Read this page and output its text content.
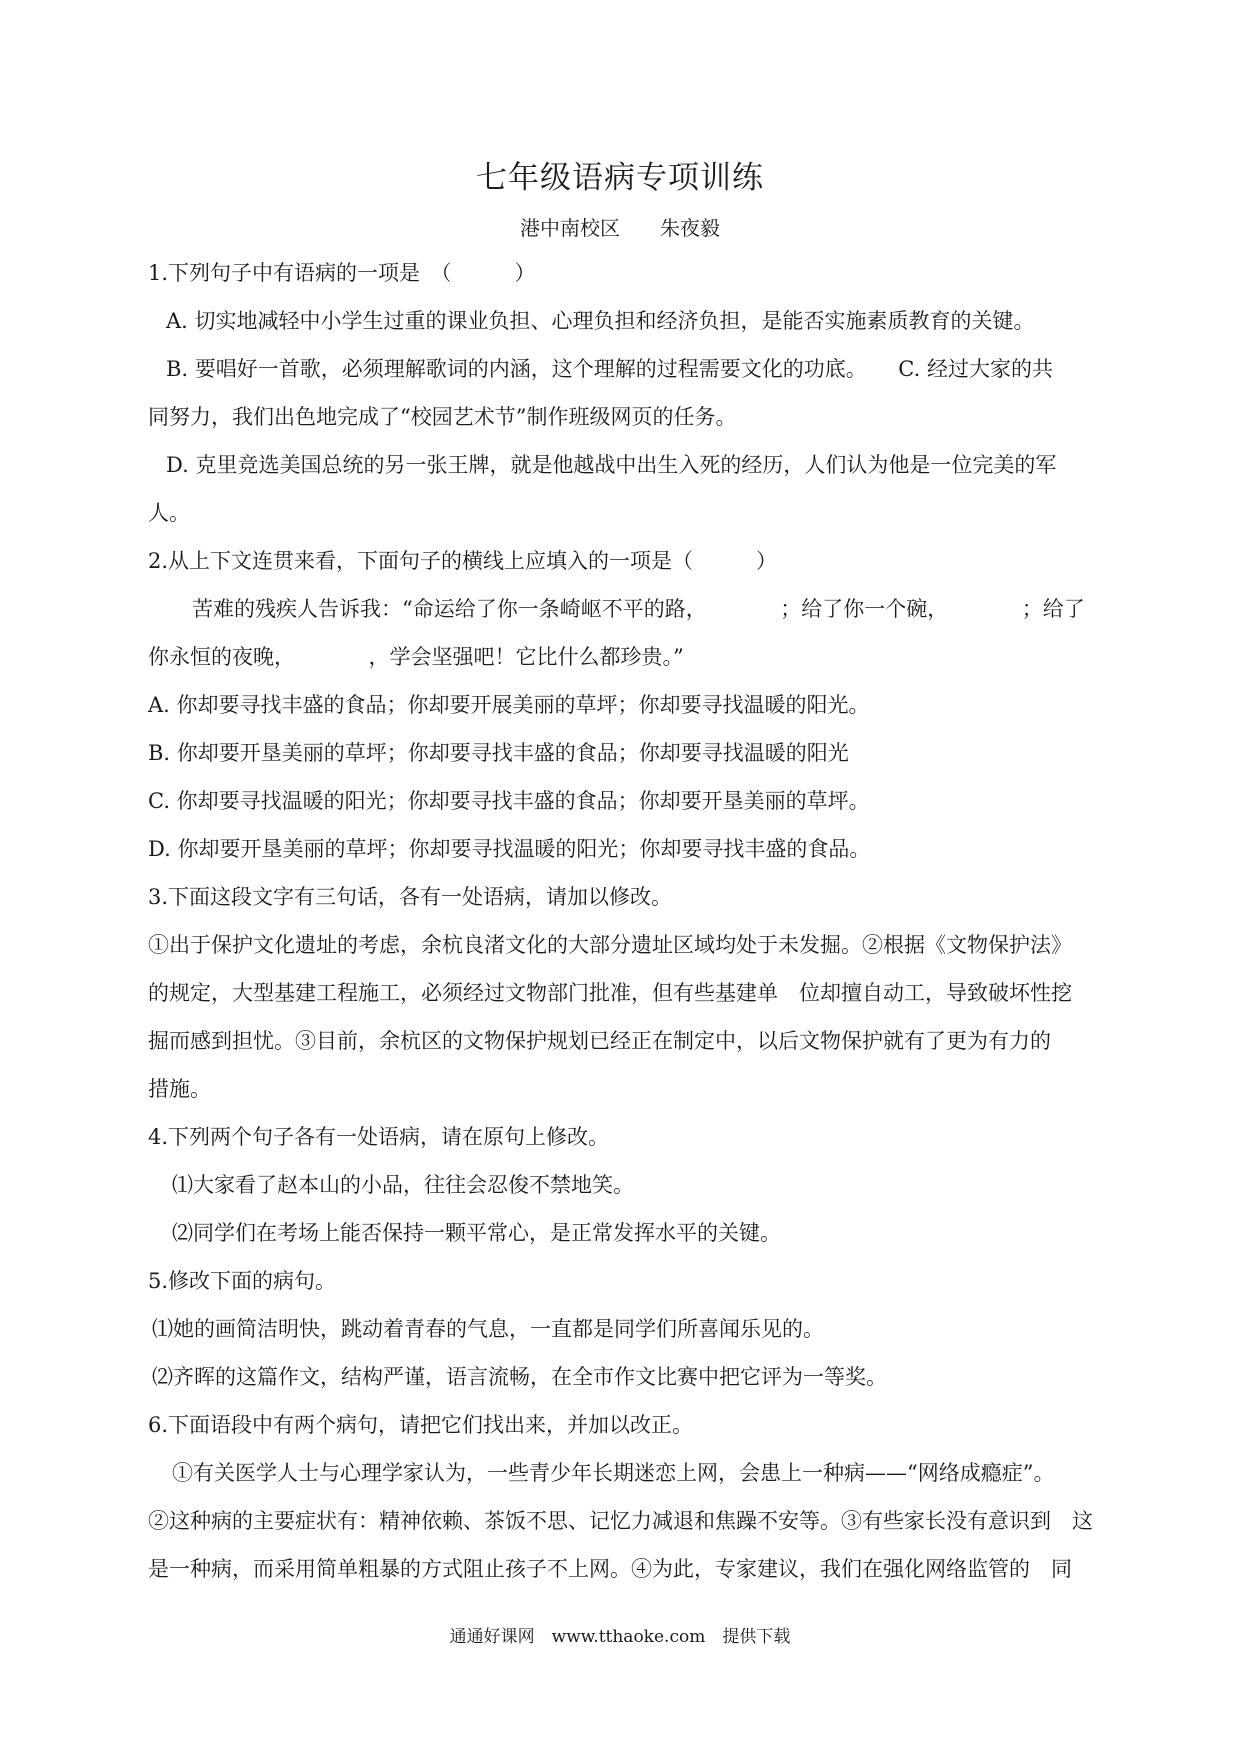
七年级语病专项训练
港中南校区　　朱夜毅
1.下列句子中有语病的一项是　（　　　）
A. 切实地减轻中小学生过重的课业负担、心理负担和经济负担，是能否实施素质教育的关键。
B. 要唱好一首歌，必须理解歌词的内涵，这个理解的过程需要文化的功底。　　C. 经过大家的共
同努力，我们出色地完成了“校园艺术节”制作班级网页的任务。
D. 克里竞选美国总统的另一张王牌，就是他越战中出生入死的经历，人们认为他是一位完美的军
人。
2.从上下文连贯来看，下面句子的横线上应填入的一项是（　　　）
苦难的残疾人告诉我：“命运给了你一条崎岖不平的路，　　　　；给了你一个碗，　　　　；给了
你永恒的夜晚，　　　　，学会坚强吧！它比什么都珍贵。”
A. 你却要寻找丰盛的食品；你却要开展美丽的草坪；你却要寻找温暖的阳光。
B. 你却要开垦美丽的草坪；你却要寻找丰盛的食品；你却要寻找温暖的阳光
C. 你却要寻找温暖的阳光；你却要寻找丰盛的食品；你却要开垦美丽的草坪。
D. 你却要开垦美丽的草坪；你却要寻找温暖的阳光；你却要寻找丰盛的食品。
3.下面这段文字有三句话，各有一处语病，请加以修改。
①出于保护文化遗址的考虑，余杭良渚文化的大部分遗址区域均处于未发掘。②根据《文物保护法》
的规定，大型基建工程施工，必须经过文物部门批准，但有些基建单　位却擅自动工，导致破坏性挖
掘而感到担忧。③目前，余杭区的文物保护规划已经正在制定中，以后文物保护就有了更为有力的
措施。
4.下列两个句子各有一处语病，请在原句上修改。
⑴大家看了赵本山的小品，往往会忍俊不禁地笑。
⑵同学们在考场上能否保持一颗平常心，是正常发挥水平的关键。
5.修改下面的病句。
⑴她的画简洁明快，跳动着青春的气息，一直都是同学们所喜闻乐见的。
⑵齐晖的这篇作文，结构严谨，语言流畅，在全市作文比赛中把它评为一等奖。
6.下面语段中有两个病句，请把它们找出来，并加以改正。
①有关医学人士与心理学家认为，一些青少年长期迷恋上网，会患上一种病——“网络成瘾症”。
②这种病的主要症状有：精神依赖、茶饭不思、记忆力减退和焦躁不安等。③有些家长没有意识到　这
是一种病，而采用简单粗暴的方式阻止孩子不上网。④为此，专家建议，我们在强化网络监管的　同
通通好课网　www.tthaoke.com　提供下载
